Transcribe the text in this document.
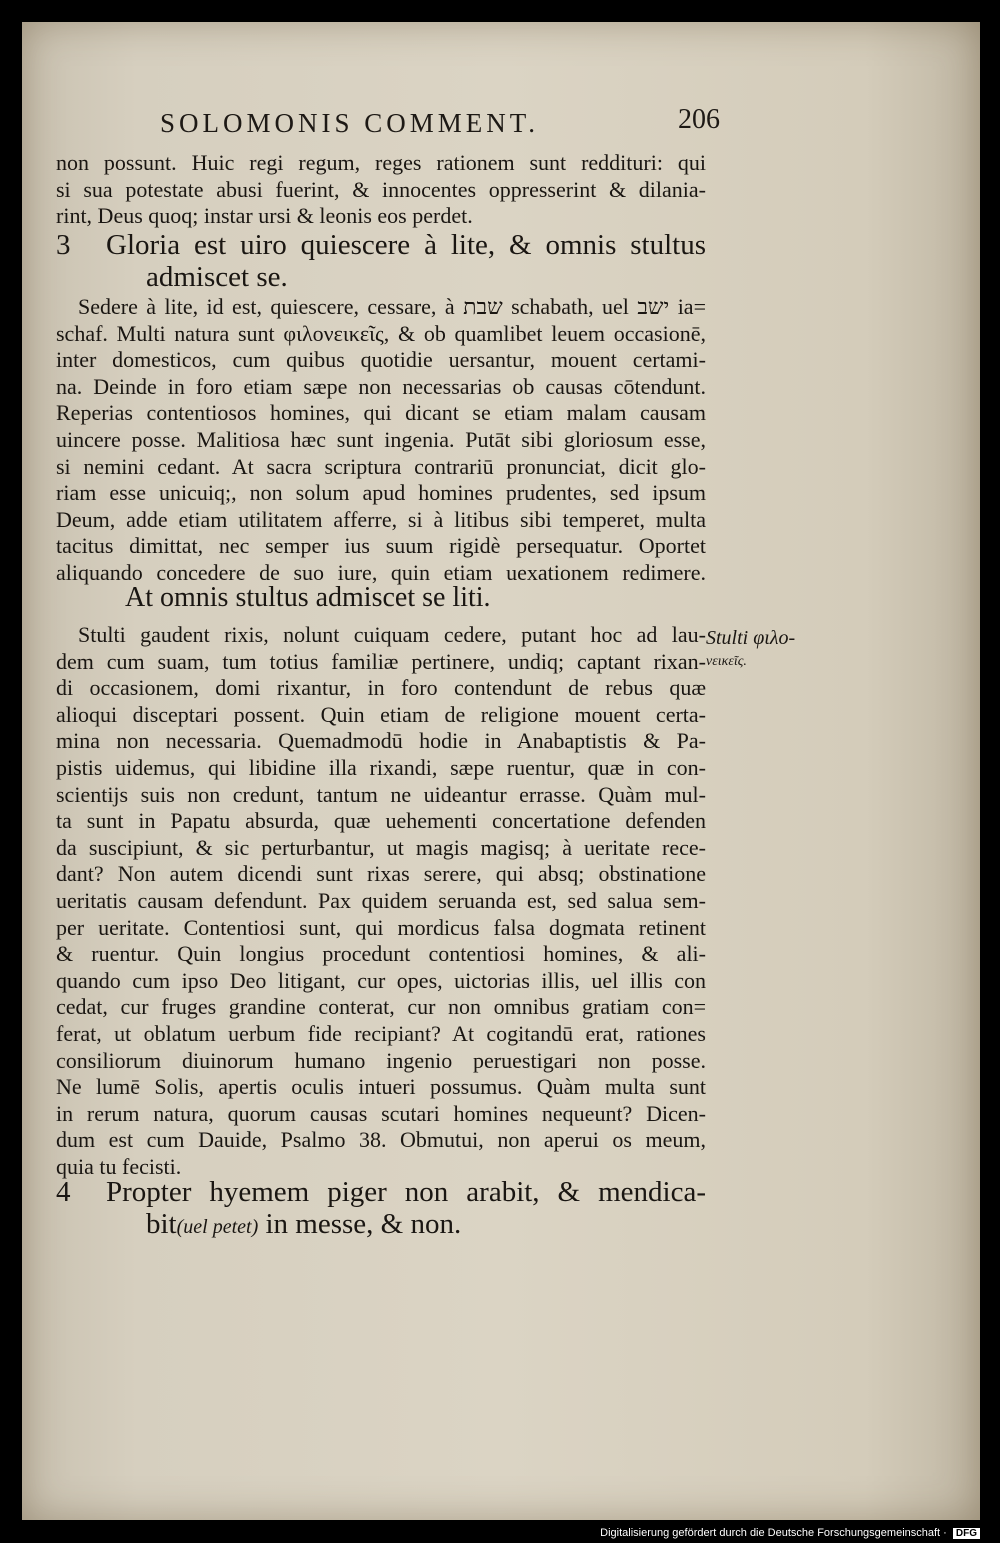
SOLOMONIS COMMENT.	206
non possunt. Huic regi regum, reges rationem sunt reddituri: qui
si sua potestate abusi fuerint, & innocentes oppresserint & dilania-
rint, Deus quoq; instar ursi & leonis eos perdet.
3	Gloria est uiro quiescere à lite, & omnis stultus
admiscet se.
Sedere à lite, id est, quiescere, cessare, à שבת schabath, uel ישב ia=
schaf. Multi natura sunt φιλονεικεῖς, & ob quamlibet leuem occasionē,
inter domesticos, cum quibus quotidie uersantur, mouent certami-
na. Deinde in foro etiam sæpe non necessarias ob causas cōtendunt.
Reperias contentiosos homines, qui dicant se etiam malam causam
uincere posse. Malitiosa hæc sunt ingenia. Putāt sibi gloriosum esse,
si nemini cedant. At sacra scriptura contrariū pronunciat, dicit glo-
riam esse unicuiq;, non solum apud homines prudentes, sed ipsum
Deum, adde etiam utilitatem afferre, si à litibus sibi temperet, multa
tacitus dimittat, nec semper ius suum rigidè persequatur. Oportet
aliquando concedere de suo iure, quin etiam uexationem redimere.
At omnis stultus admiscet se liti.
Stulti φιλο-
νεικεῖς.
Stulti gaudent rixis, nolunt cuiquam cedere, putant hoc ad lau-
dem cum suam, tum totius familiæ pertinere, undiq; captant rixan-
di occasionem, domi rixantur, in foro contendunt de rebus quæ
alioqui disceptari possent. Quin etiam de religione mouent certa-
mina non necessaria. Quemadmodū hodie in Anabaptistis & Pa-
pistis uidemus, qui libidine illa rixandi, sæpe ruentur, quæ in con-
scientijs suis non credunt, tantum ne uideantur errasse. Quàm mul-
ta sunt in Papatu absurda, quæ uehementi concertatione defenden
da suscipiunt, & sic perturbantur, ut magis magisq; à ueritate rece-
dant? Non autem dicendi sunt rixas serere, qui absq; obstinatione
ueritatis causam defendunt. Pax quidem seruanda est, sed salua sem-
per ueritate. Contentiosi sunt, qui mordicus falsa dogmata retinent
& ruentur. Quin longius procedunt contentiosi homines, & ali-
quando cum ipso Deo litigant, cur opes, uictorias illis, uel illis con
cedat, cur fruges grandine conterat, cur non omnibus gratiam con=
ferat, ut oblatum uerbum fide recipiant? At cogitandū erat, rationes
consiliorum diuinorum humano ingenio peruestigari non posse.
Ne lumē Solis, apertis oculis intueri possumus. Quàm multa sunt
in rerum natura, quorum causas scutari homines nequeunt? Dicen-
dum est cum Dauide, Psalmo 38. Obmutui, non aperui os meum,
quia tu fecisti.
4	Propter hyemem piger non arabit, & mendica-
bit(uel petet) in messe, & non.
Digitalisierung gefördert durch die Deutsche Forschungsgemeinschaft · DFG
